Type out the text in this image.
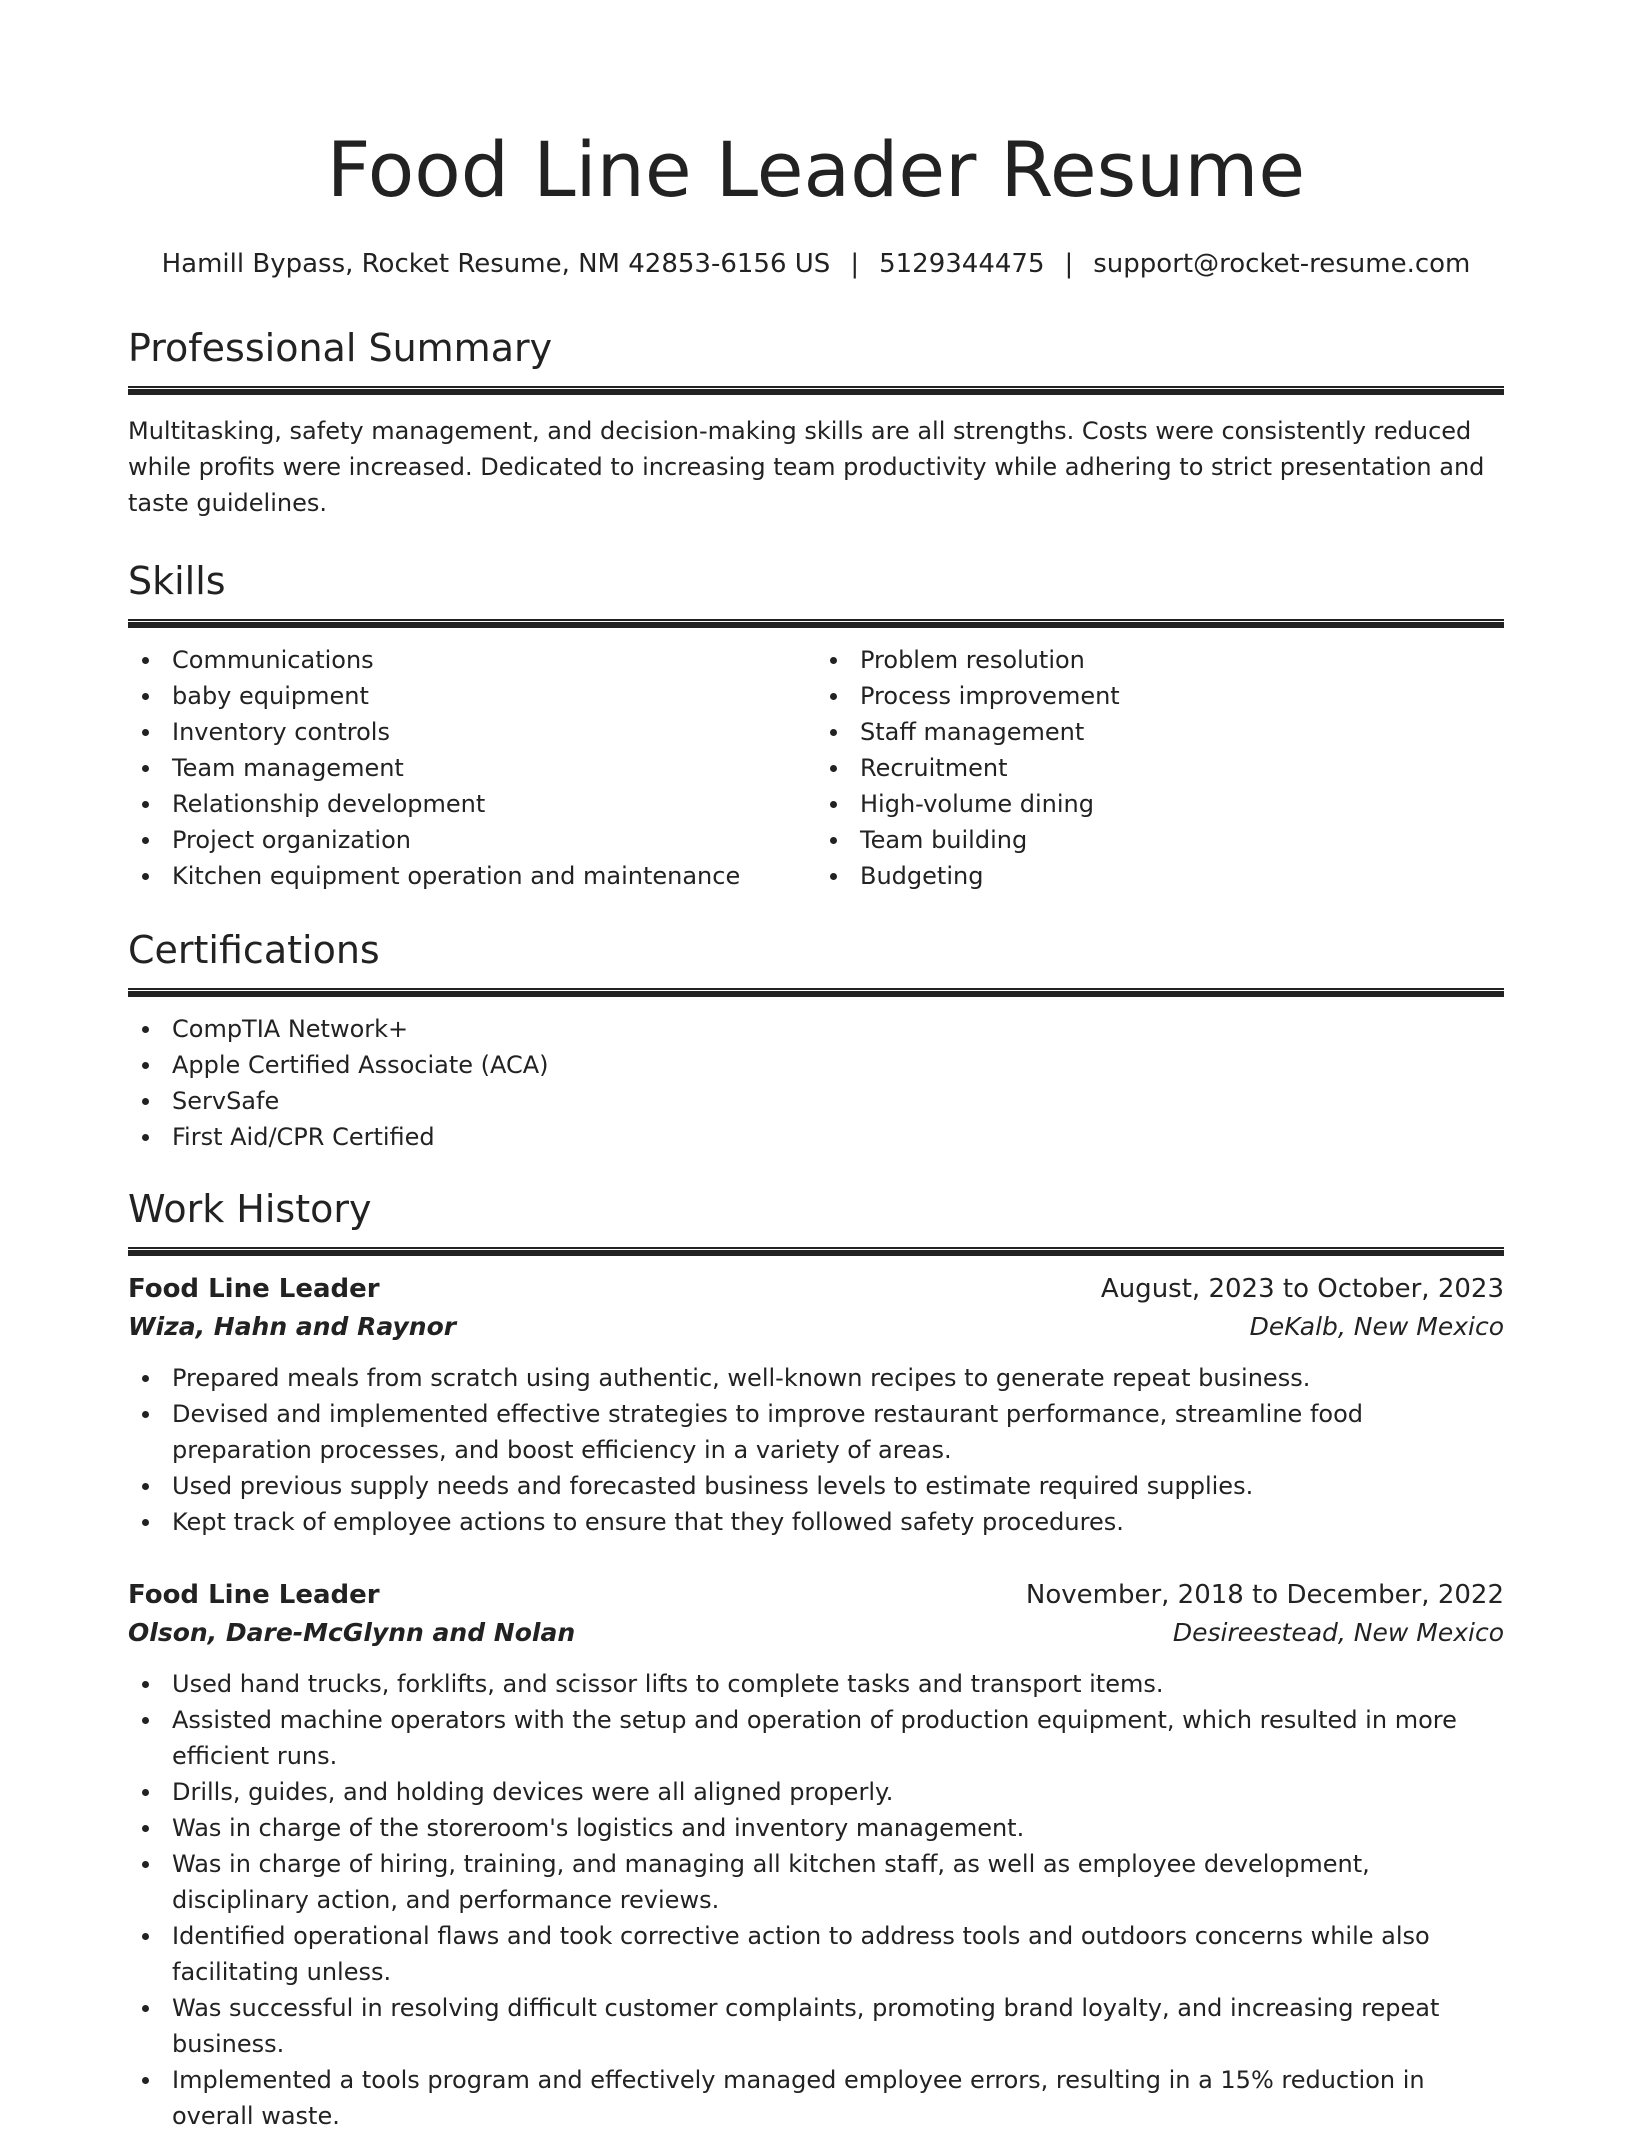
Food Line Leader Resume
Hamill Bypass, Rocket Resume, NM 42853-6156 US | 5129344475 | support@rocket-resume.com
Professional Summary

Multitasking, safety management, and decision-making skills are all strengths. Costs were consistently reduced while profits were increased. Dedicated to increasing team productivity while adhering to strict presentation and taste guidelines.

Skills
Communications
baby equipment
Inventory controls
Team management
Relationship development
Project organization
Kitchen equipment operation and maintenance
Problem resolution
Process improvement
Staff management
Recruitment
High-volume dining
Team building
Budgeting
Certifications
CompTIA Network+
Apple Certified Associate (ACA)
ServSafe
First Aid/CPR Certified
Work History
Food Line Leader	August, 2023 to October, 2023
Wiza, Hahn and Raynor	DeKalb, New Mexico
Prepared meals from scratch using authentic, well-known recipes to generate repeat business.
Devised and implemented effective strategies to improve restaurant performance, streamline food preparation processes, and boost efficiency in a variety of areas.
Used previous supply needs and forecasted business levels to estimate required supplies.
Kept track of employee actions to ensure that they followed safety procedures.
Food Line Leader	November, 2018 to December, 2022
Olson, Dare-McGlynn and Nolan	Desireestead, New Mexico
Used hand trucks, forklifts, and scissor lifts to complete tasks and transport items.
Assisted machine operators with the setup and operation of production equipment, which resulted in more efficient runs.
Drills, guides, and holding devices were all aligned properly.
Was in charge of the storeroom's logistics and inventory management.
Was in charge of hiring, training, and managing all kitchen staff, as well as employee development, disciplinary action, and performance reviews.
Identified operational flaws and took corrective action to address tools and outdoors concerns while also facilitating unless.
Was successful in resolving difficult customer complaints, promoting brand loyalty, and increasing repeat business.
Implemented a tools program and effectively managed employee errors, resulting in a 15% reduction in overall waste.
